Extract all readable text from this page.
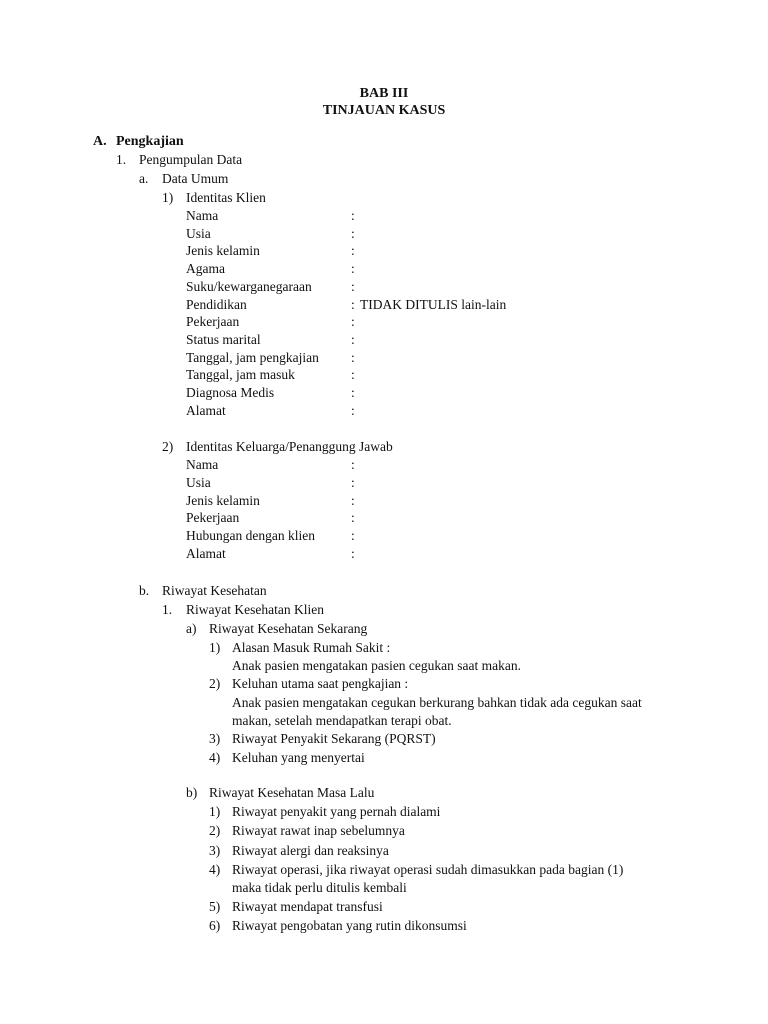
BAB III
TINJAUAN KASUS
A. Pengkajian
1. Pengumpulan Data
a. Data Umum
1) Identitas Klien
Nama	:
Usia	:
Jenis kelamin	:
Agama	:
Suku/kewarganegaraan	:
Pendidikan	: TIDAK DITULIS lain-lain
Pekerjaan	:
Status marital	:
Tanggal, jam pengkajian :
Tanggal, jam masuk	:
Diagnosa Medis	:
Alamat	:
2) Identitas Keluarga/Penanggung Jawab
Nama	:
Usia	:
Jenis kelamin	:
Pekerjaan	:
Hubungan dengan klien	:
Alamat	:
b. Riwayat Kesehatan
1. Riwayat Kesehatan Klien
a) Riwayat Kesehatan Sekarang
1) Alasan Masuk Rumah Sakit :
Anak pasien mengatakan pasien cegukan saat makan.
2) Keluhan utama saat pengkajian :
Anak pasien mengatakan cegukan berkurang bahkan tidak ada cegukan saat
makan, setelah mendapatkan terapi obat.
3) Riwayat Penyakit Sekarang (PQRST)
4) Keluhan yang menyertai
b) Riwayat Kesehatan Masa Lalu
1) Riwayat penyakit yang pernah dialami
2) Riwayat rawat inap sebelumnya
3) Riwayat alergi dan reaksinya
4) Riwayat operasi, jika riwayat operasi sudah dimasukkan pada bagian (1)
maka tidak perlu ditulis kembali
5) Riwayat mendapat transfusi
6) Riwayat pengobatan yang rutin dikonsumsi
